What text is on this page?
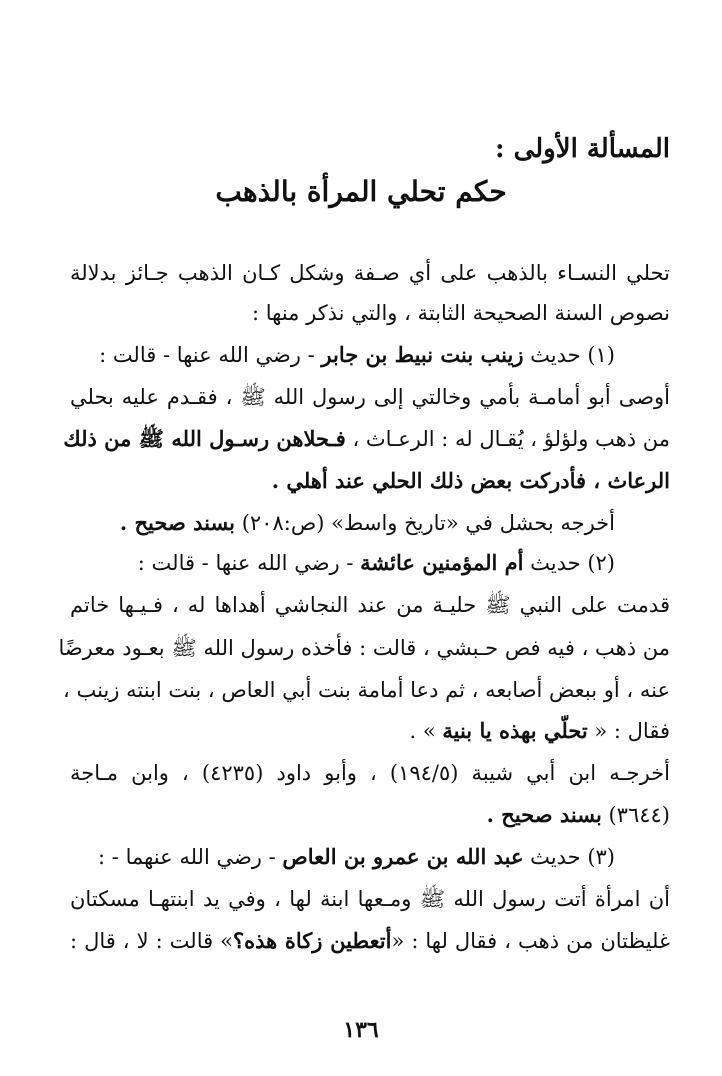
المسألة الأولى :
حكم تحلي المرأة بالذهب
تحلي النسـاء بالذهب على أي صـفة وشكل كـان الذهب جـائز بدلالة
نصوص السنة الصحيحة الثابتة ، والتي نذكر منها :
(١) حديث زينب بنت نبيط بن جابر - رضي الله عنها - قالت :
أوصى أبو أمامـة بأمي وخالتي إلى رسول الله ﷺ ، فقـدم عليه بحلي
من ذهب ولؤلؤ ، يُقـال له : الرعـاث ، فـحلاهن رسـول الله ﷺ من ذلك
الرعاث ، فأدركت بعض ذلك الحلي عند أهلي .
أخرجه بحشل في «تاريخ واسط» (ص:٢٠٨) بسند صحيح .
(٢) حديث أم المؤمنين عائشة - رضي الله عنها - قالت :
قدمت على النبي ﷺ حليـة من عند النجاشي أهداها له ، فـيـها خاتم
من ذهب ، فيه فص حـبشي ، قالت : فأخذه رسول الله ﷺ بعـود معرضًا
عنه ، أو ببعض أصابعه ، ثم دعا أمامة بنت أبي العاص ، بنت ابنته زينب ،
فقال : « تحلّي بهذه يا بنية » .
أخرجـه ابن أبي شيبة (١٩٤/٥) ، وأبو داود (٤٢٣٥) ، وابن مـاجة
(٣٦٤٤) بسند صحيح .
(٣) حديث عبد الله بن عمرو بن العاص - رضي الله عنهما - :
أن امرأة أتت رسول الله ﷺ ومـعها ابنة لها ، وفي يد ابنتهـا مسكتان
غليظتان من ذهب ، فقال لها : «أتعطين زكاة هذه؟» قالت : لا ، قال :
١٣٦
